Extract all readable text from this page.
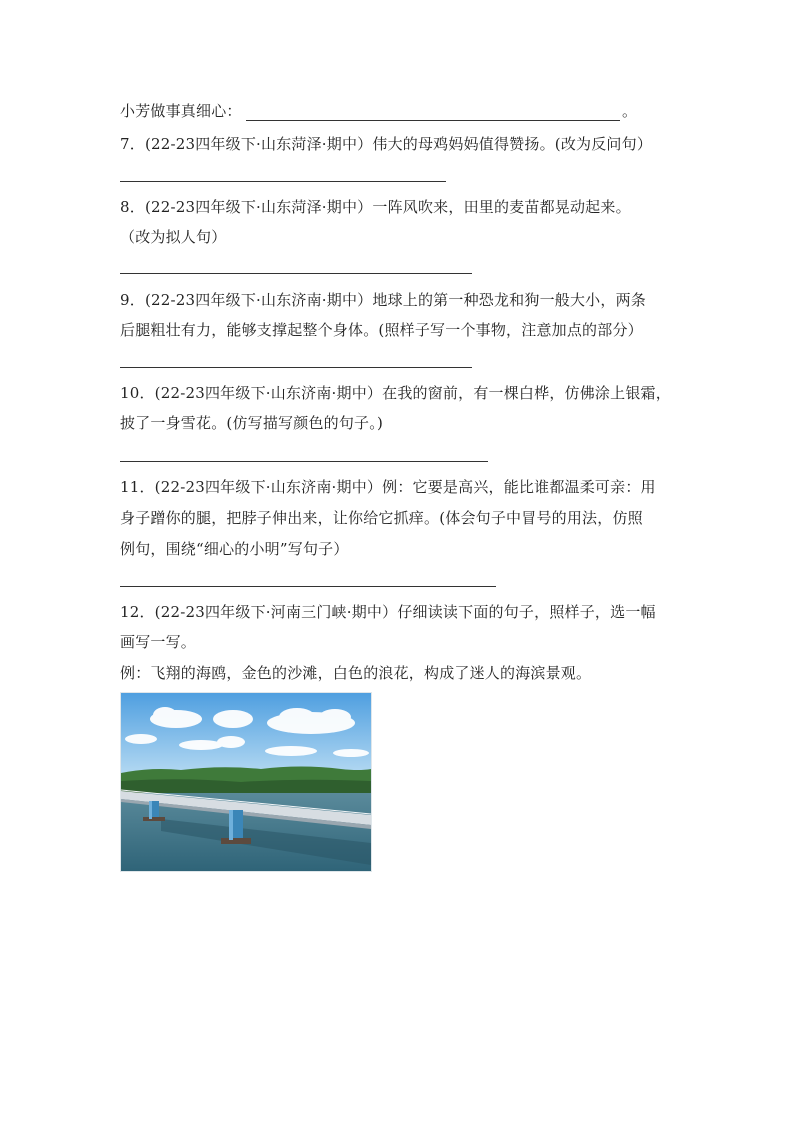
小芳做事真细心：	。
7．(22-23四年级下·山东菏泽·期中）伟大的母鸡妈妈值得赞扬。(改为反问句）
8．(22-23四年级下·山东菏泽·期中）一阵风吹来，田里的麦苗都晃动起来。
（改为拟人句）
9．(22-23四年级下·山东济南·期中）地球上的第一种恐龙和狗一般大小，两条
后腿粗壮有力，能够支撑起整个身体。(照样子写一个事物，注意加点的部分）
10．(22-23四年级下·山东济南·期中）在我的窗前，有一棵白桦，仿佛涂上银霜，
披了一身雪花。(仿写描写颜色的句子。)
11．(22-23四年级下·山东济南·期中）例：它要是高兴，能比谁都温柔可亲：用
身子蹭你的腿，把脖子伸出来，让你给它抓痒。(体会句子中冒号的用法，仿照
例句，围绕“细心的小明”写句子）
12．(22-23四年级下·河南三门峡·期中）仔细读读下面的句子，照样子，选一幅
画写一写。
例：飞翔的海鸥，金色的沙滩，白色的浪花，构成了迷人的海滨景观。
